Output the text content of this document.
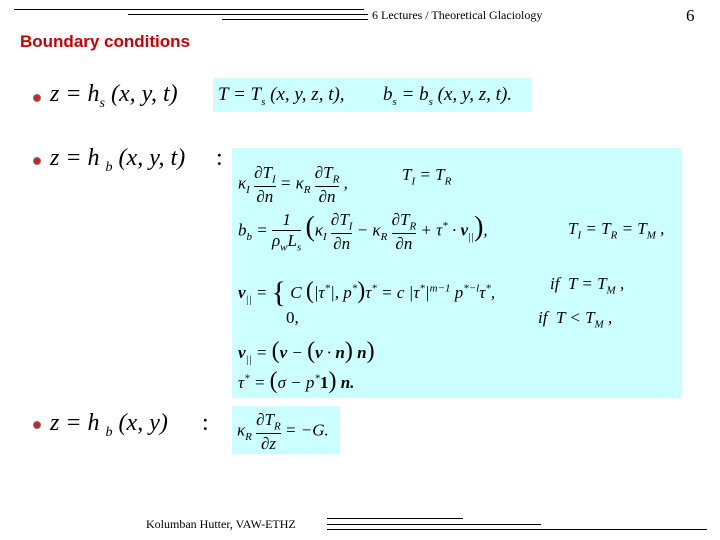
6 Lectures / Theoretical Glaciology	6
Boundary conditions
$z = h_s$ (x, y, t) $T = T_s$ (x, y, z, t), $b_s = b_s$ (x, y, z, t).
z = h $_b$ (x, y, t) :
$\kappa_I \frac{\partial T_I}{\partial n} = \kappa_R \frac{\partial T_R}{\partial n}$ ,	$T_I = T_R$
$b_b$ =
1
$\rho_wL_s$
$(\kappa_I \frac{\partial T_I}{\partial n} - \kappa_R \frac{\partial T_R}{\partial n} + \tau^* \cdot v_{||})$,	$T_I = T_R = T_M$ ,
$v_{||}$ = { C (|τ*|, p*)τ* = c $|\tau^*|^{m-1}$ $p^{*-l}\tau^*$,	if  $T = T_M$ ,
0,	if  $T < T_M$ ,
$v_{||} = (v - (v \cdot n)$ n)
τ* = (σ − p*1) n.
z = h $_b$ (x, y) : $\kappa_R \frac{\partial T_R}{\partial z} = -G$.
Kolumban Hutter, VAW-ETHZ
